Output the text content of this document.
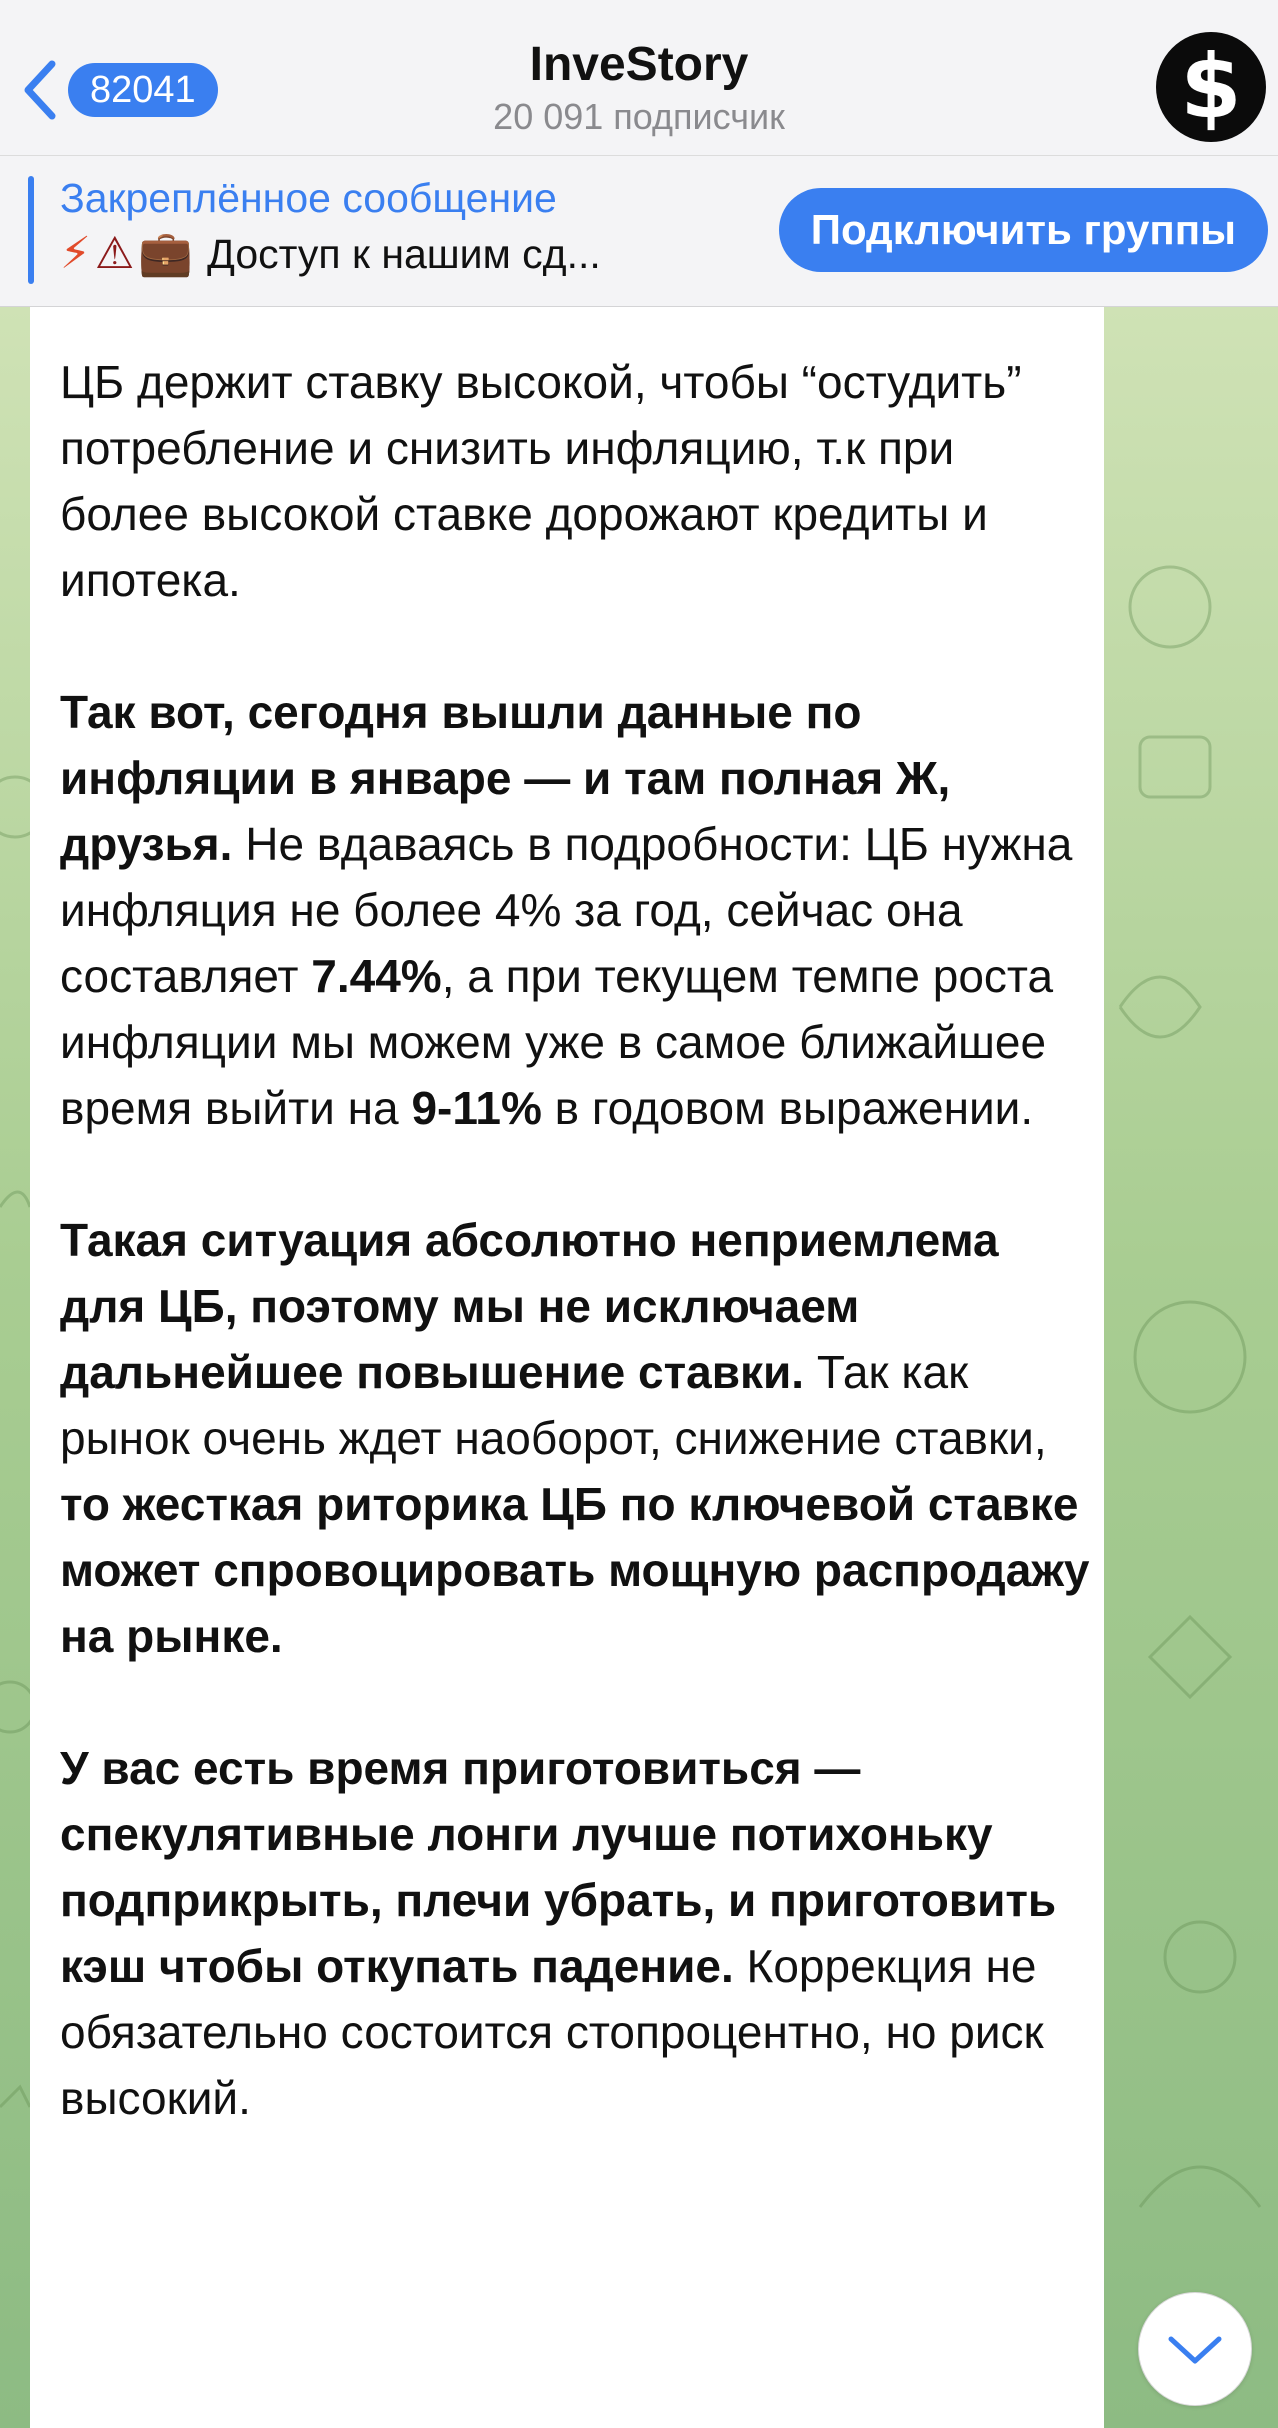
82041	InveStory
20 091 подписчик	$
Закреплённое сообщение
⚡ ⚠ 💼 Доступ к нашим сд...
Подключить группы

ЦБ держит ставку высокой, чтобы “остудить” потребление и снизить инфляцию, т.к при более высокой ставке дорожают кредиты и ипотека.

Так вот, сегодня вышли данные по инфляции в январе — и там полная Ж, друзья. Не вдаваясь в подробности: ЦБ нужна инфляция не более 4% за год, сейчас она составляет 7.44%, а при текущем темпе роста инфляции мы можем уже в самое ближайшее время выйти на 9-11% в годовом выражении.

Такая ситуация абсолютно неприемлема для ЦБ, поэтому мы не исключаем дальнейшее повышение ставки. Так как рынок очень ждет наоборот, снижение ставки, то жесткая риторика ЦБ по ключевой ставке может спровоцировать мощную распродажу на рынке.

У вас есть время приготовиться — спекулятивные лонги лучше потихоньку подприкрыть, плечи убрать, и приготовить кэш чтобы откупать падение. Коррекция не обязательно состоится стопроцентно, но риск высокий.
